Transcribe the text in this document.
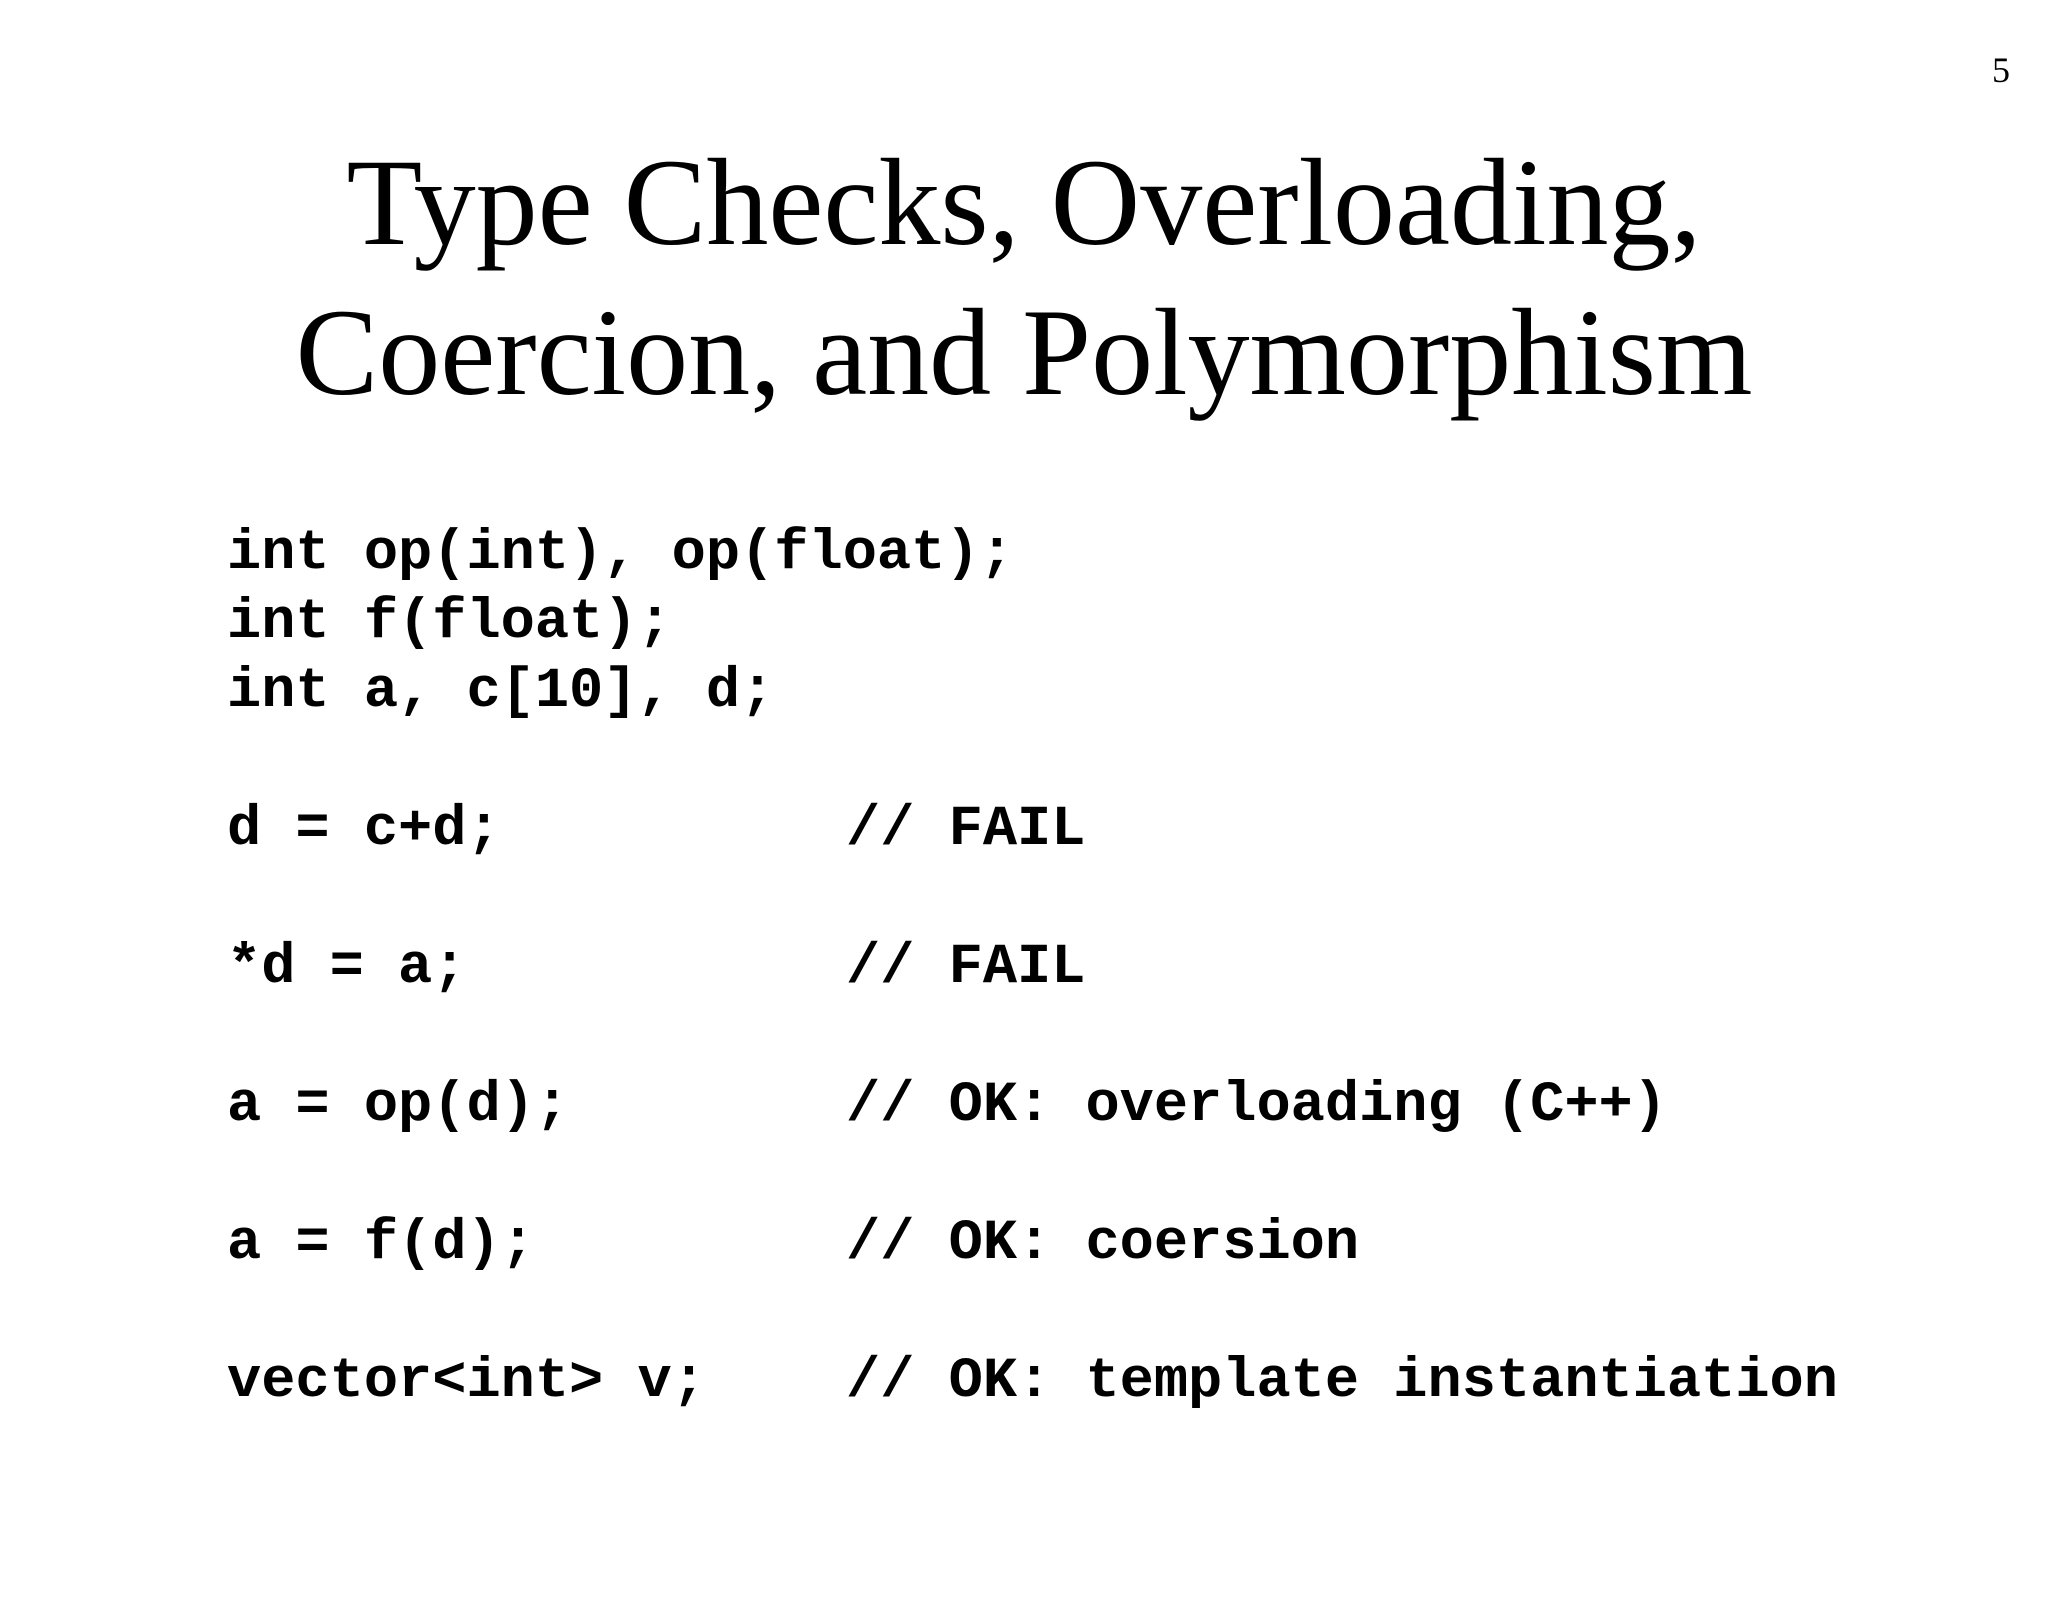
5
Type Checks, Overloading,
Coercion, and Polymorphism

int op(int), op(float);

int f(float);

int a, c[10], d;

d = c+d;

	// FAIL

*d = a;

	// FAIL

a = op(d);

	// OK: overloading (C++)

a = f(d);

	// OK: coersion

vector<int> v;

// OK: template instantiation
